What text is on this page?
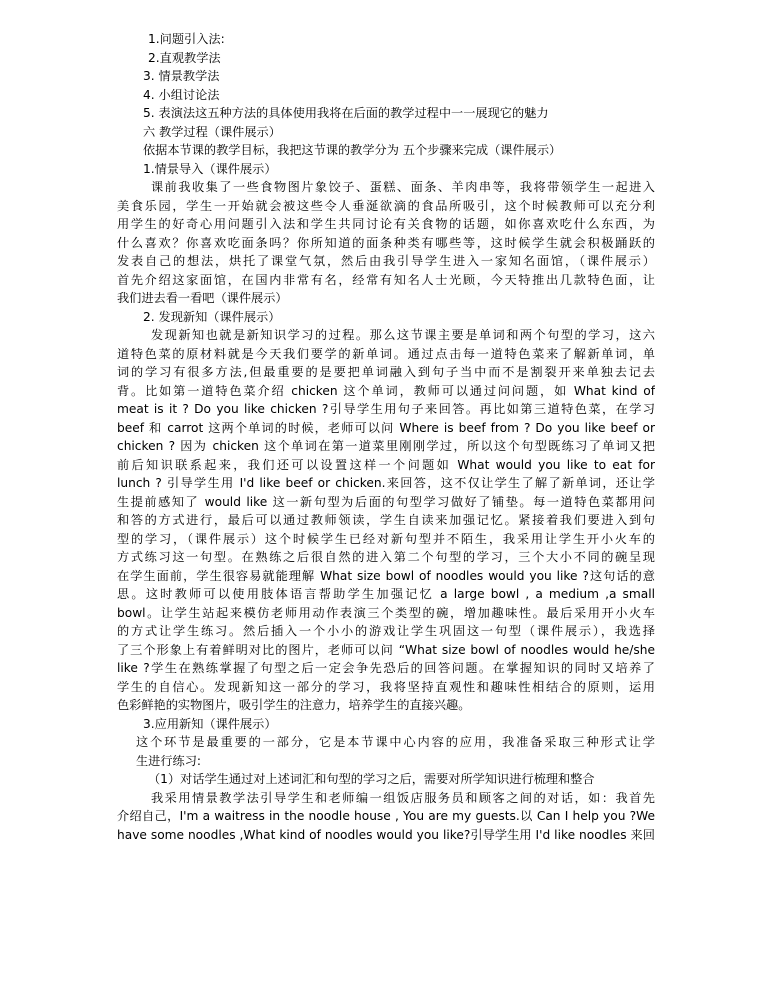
1.问题引入法:
2.直观教学法
3. 情景教学法
4. 小组讨论法
5. 表演法这五种方法的具体使用我将在后面的教学过程中一一展现它的魅力
六 教学过程（课件展示）
依据本节课的教学目标，我把这节课的教学分为 五个步骤来完成（课件展示）
1.情景导入（课件展示）
课前我收集了一些食物图片象饺子、蛋糕、面条、羊肉串等，我将带领学生一起进入
美食乐园，学生一开始就会被这些令人垂涎欲滴的食品所吸引，这个时候教师可以充分利
用学生的好奇心用问题引入法和学生共同讨论有关食物的话题，如你喜欢吃什么东西，为
什么喜欢？你喜欢吃面条吗？你所知道的面条种类有哪些等，这时候学生就会积极踊跃的
发表自己的想法，烘托了课堂气氛，然后由我引导学生进入一家知名面馆，（课件展示）
首先介绍这家面馆，在国内非常有名，经常有知名人士光顾，今天特推出几款特色面，让
我们进去看一看吧（课件展示）
2. 发现新知（课件展示）
发现新知也就是新知识学习的过程。那么这节课主要是单词和两个句型的学习，这六
道特色菜的原材料就是今天我们要学的新单词。通过点击每一道特色菜来了解新单词，单
词的学习有很多方法,但最重要的是要把单词融入到句子当中而不是割裂开来单独去记去
背。比如第一道特色菜介绍 chicken 这个单词，教师可以通过问问题，如 What kind of
meat is it ? Do you like chicken ?引导学生用句子来回答。再比如第三道特色菜，在学习
beef 和 carrot 这两个单词的时候，老师可以问 Where is beef from ? Do you like beef or
chicken ? 因为 chicken 这个单词在第一道菜里刚刚学过，所以这个句型既练习了单词又把
前后知识联系起来，我们还可以设置这样一个问题如 What would you like to eat for
lunch ? 引导学生用 I'd like beef or chicken.来回答，这不仅让学生了解了新单词，还让学
生提前感知了 would like 这一新句型为后面的句型学习做好了铺垫。每一道特色菜都用问
和答的方式进行，最后可以通过教师领读，学生自读来加强记忆。紧接着我们要进入到句
型的学习，（课件展示）这个时候学生已经对新句型并不陌生，我采用让学生开小火车的
方式练习这一句型。在熟练之后很自然的进入第二个句型的学习，三个大小不同的碗呈现
在学生面前，学生很容易就能理解 What size bowl of noodles would you like ?这句话的意
思。这时教师可以使用肢体语言帮助学生加强记忆 a large bowl , a medium ,a small
bowl。让学生站起来模仿老师用动作表演三个类型的碗，增加趣味性。最后采用开小火车
的方式让学生练习。然后插入一个小小的游戏让学生巩固这一句型（课件展示），我选择
了三个形象上有着鲜明对比的图片，老师可以问 “What size bowl of noodles would he/she
like ?学生在熟练掌握了句型之后一定会争先恐后的回答问题。在掌握知识的同时又培养了
学生的自信心。发现新知这一部分的学习，我将坚持直观性和趣味性相结合的原则，运用
色彩鲜艳的实物图片，吸引学生的注意力，培养学生的直接兴趣。
3.应用新知（课件展示）
这个环节是最重要的一部分，它是本节课中心内容的应用，我准备采取三种形式让学
生进行练习:
（1）对话学生通过对上述词汇和句型的学习之后，需要对所学知识进行梳理和整合
我采用情景教学法引导学生和老师编一组饭店服务员和顾客之间的对话，如：我首先
介绍自己，I'm a waitress in the noodle house , You are my guests.以 Can I help you ?We
have some noodles ,What kind of noodles would you like?引导学生用 I'd like noodles 来回
